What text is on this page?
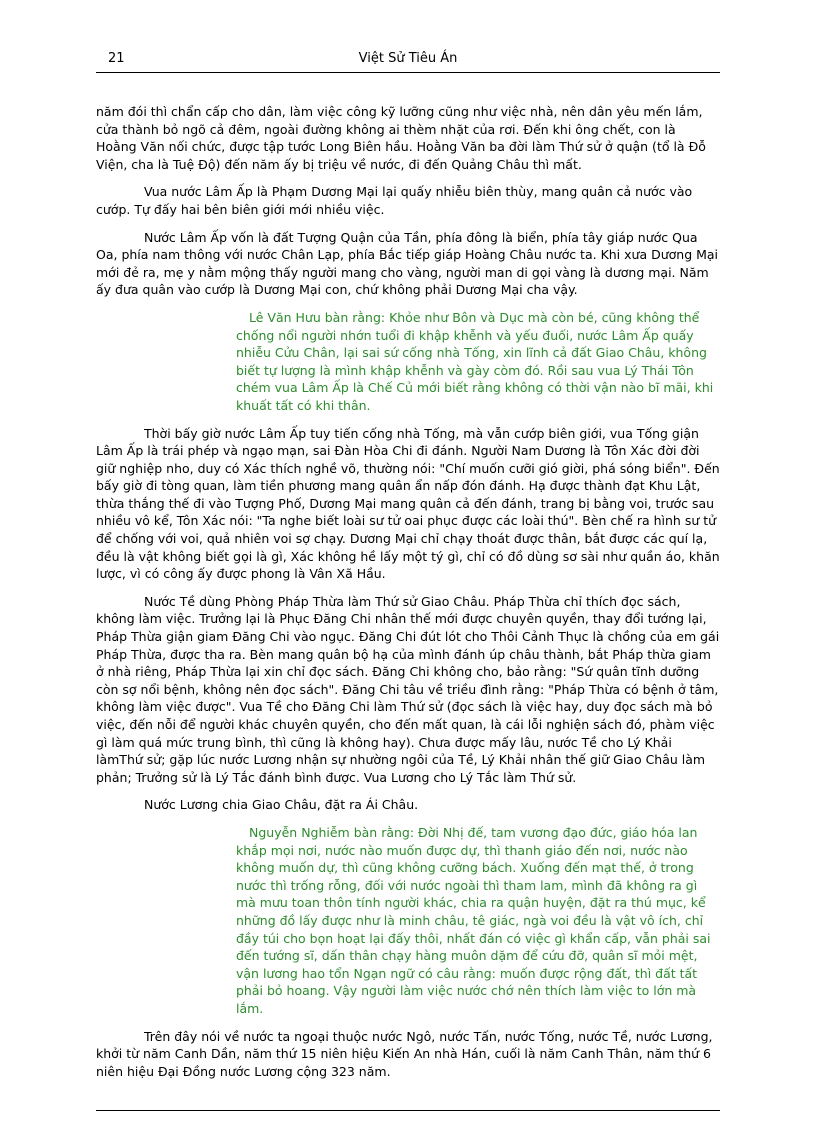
21	Việt Sử Tiêu Án

năm đói thì chẩn cấp cho dân, làm việc công kỹ lưỡng cũng như việc nhà, nên dân yêu mến lắm, cửa thành bỏ ngõ cả đêm, ngoài đường không ai thèm nhặt của rơi. Đến khi ông chết, con là Hoằng Văn nối chức, được tập tước Long Biên hầu. Hoằng Văn ba đời làm Thứ sử ở quận (tổ là Đỗ Viện, cha là Tuệ Độ) đến năm ấy bị triệu về nước, đi đến Quảng Châu thì mất.

Vua nước Lâm Ấp là Phạm Dương Mại lại quấy nhiễu biên thùy, mang quân cả nước vào cướp. Tự đấy hai bên biên giới mới nhiều việc.

Nước Lâm Ấp vốn là đất Tượng Quận của Tần, phía đông là biển, phía tây giáp nước Qua Oa, phía nam thông với nước Chân Lạp, phía Bắc tiếp giáp Hoàng Châu nước ta. Khi xưa Dương Mại mới đẻ ra, mẹ y nằm mộng thấy người mang cho vàng, người man di gọi vàng là dương mại. Năm ấy đưa quân vào cướp là Dương Mại con, chứ không phải Dương Mại cha vậy.

Lê Văn Hưu bàn rằng: Khỏe như Bôn và Dục mà còn bé, cũng không thể chống nổi người nhớn tuổi đi khập khễnh và yếu đuối, nước Lâm Ấp quấy nhiễu Cửu Chân, lại sai sứ cống nhà Tống, xin lĩnh cả đất Giao Châu, không biết tự lượng là mình khập khễnh và gày còm đó. Rồi sau vua Lý Thái Tôn chém vua Lâm Ấp là Chế Củ mới biết rằng không có thời vận nào bĩ mãi, khi khuất tất có khi thân.

Thời bấy giờ nước Lâm Ấp tuy tiến cống nhà Tống, mà vẫn cướp biên giới, vua Tống giận Lâm Ấp là trái phép và ngạo mạn, sai Đàn Hòa Chi đi đánh. Người Nam Dương là Tôn Xác đời đời giữ nghiệp nho, duy có Xác thích nghề võ, thường nói: "Chí muốn cưỡi gió giời, phá sóng biển". Đến bấy giờ đi tòng quan, làm tiền phương mang quân ẩn nấp đón đánh. Hạ được thành đạt Khu Lật, thừa thắng thế đi vào Tượng Phố, Dương Mại mang quân cả đến đánh, trang bị bằng voi, trước sau nhiều vô kể, Tôn Xác nói: "Ta nghe biết loài sư tử oai phục được các loài thú". Bèn chế ra hình sư tử để chống với voi, quả nhiên voi sợ chạy. Dương Mại chỉ chạy thoát được thân, bắt được các quí lạ, đều là vật không biết gọi là gì, Xác không hề lấy một tý gì, chỉ có đồ dùng sơ sài như quần áo, khăn lược, vì có công ấy được phong là Vân Xã Hầu.

Nước Tề dùng Phòng Pháp Thừa làm Thứ sử Giao Châu. Pháp Thừa chỉ thích đọc sách, không làm việc. Trưởng lại là Phục Đăng Chi nhân thế mới được chuyên quyền, thay đổi tướng lại, Pháp Thừa giận giam Đăng Chi vào ngục. Đăng Chi đút lót cho Thôi Cảnh Thục là chồng của em gái Pháp Thừa, được tha ra. Bèn mang quân bộ hạ của mình đánh úp châu thành, bắt Pháp thừa giam ở nhà riêng, Pháp Thừa lại xin chỉ đọc sách. Đăng Chi không cho, bảo rằng: "Sứ quân tĩnh dưỡng còn sợ nổi bệnh, không nên đọc sách". Đăng Chi tâu về triều đình rằng: "Pháp Thừa có bệnh ở tâm, không làm việc được". Vua Tề cho Đăng Chi làm Thứ sử (đọc sách là việc hay, duy đọc sách mà bỏ việc, đến nỗi để người khác chuyên quyền, cho đến mất quan, là cái lỗi nghiện sách đó, phàm việc gì làm quá mức trung bình, thì cũng là không hay). Chưa được mấy lâu, nước Tề cho Lý Khải làmThứ sử; gặp lúc nước Lương nhận sự nhường ngôi của Tề, Lý Khải nhân thế giữ Giao Châu làm phản; Trưởng sử là Lý Tắc đánh bình được. Vua Lương cho Lý Tắc làm Thứ sử.

Nước Lương chia Giao Châu, đặt ra Ái Châu.

Nguyễn Nghiễm bàn rằng: Đời Nhị đế, tam vương đạo đức, giáo hóa lan khắp mọi nơi, nước nào muốn được dự, thì thanh giáo đến nơi, nước nào không muốn dự, thì cũng không cưỡng bách. Xuống đến mạt thế, ở trong nước thì trống rỗng, đối với nước ngoài thì tham lam, mình đã không ra gì mà mưu toan thôn tính người khác, chia ra quận huyện, đặt ra thú mục, kể những đồ lấy được như là minh châu, tê giác, ngà voi đều là vật vô ích, chỉ đầy túi cho bọn hoạt lại đấy thôi, nhất đán có việc gì khẩn cấp, vẫn phải sai đến tướng sĩ, dấn thân chạy hàng muôn dặm để cứu đỡ, quân sĩ mỏi mệt, vận lương hao tổn Ngạn ngữ có câu rằng: muốn được rộng đất, thì đất tất phải bỏ hoang. Vậy người làm việc nước chớ nên thích làm việc to lớn mà lắm.

Trên đây nói về nước ta ngoại thuộc nước Ngô, nước Tấn, nước Tống, nước Tề, nước Lương, khởi từ năm Canh Dần, năm thứ 15 niên hiệu Kiến An nhà Hán, cuối là năm Canh Thân, năm thứ 6 niên hiệu Đại Đồng nước Lương cộng 323 năm.
